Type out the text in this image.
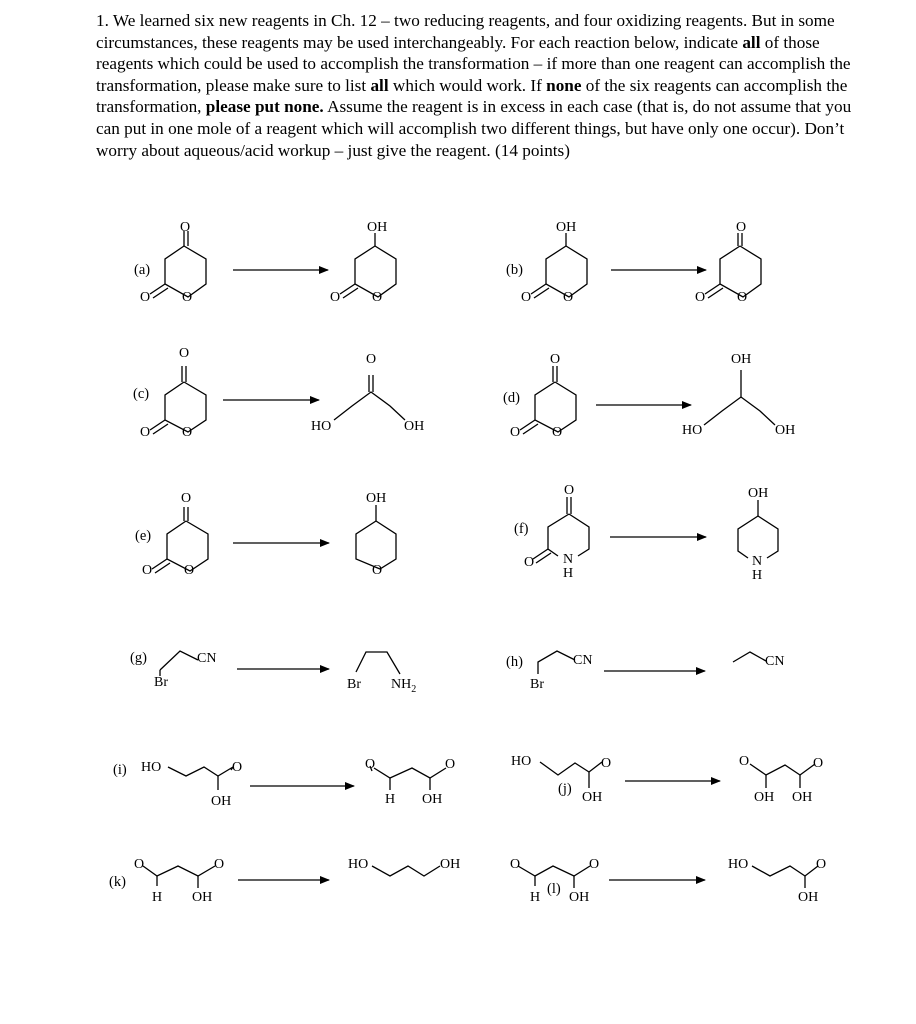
1. We learned six new reagents in Ch. 12 – two reducing reagents, and four oxidizing reagents. But in some circumstances, these reagents may be used interchangeably. For each reaction below, indicate all of those reagents which could be used to accomplish the transformation – if more than one reagent can accomplish the transformation, please make sure to list all which would work. If none of the six reagents can accomplish the transformation, please put none. Assume the reagent is in excess in each case (that is, do not assume that you can put in one mole of a reagent which will accomplish two different things, but have only one occur). Don’t worry about aqueous/acid workup – just give the reagent. (14 points)
(a)	(b)
(c)	(d)
(e)	(f)
(g)	(h)
(i)
(j)
(k)	(l)
O
O O
OH
O O
OH
O O
O
O O
O
O O
O
HO	OH
O
O O
OH
HO	OH
O
O O
OH
O
O
O N
H
OH
N
H
CN
Br	Br $NH_2$
CN
Br
CN
HO	O
OH
O	O
H OH
HO	O
OH
O	O
OH OH
O	O
H OH
HO	OH	O	O
H OH
HO	O
OH
